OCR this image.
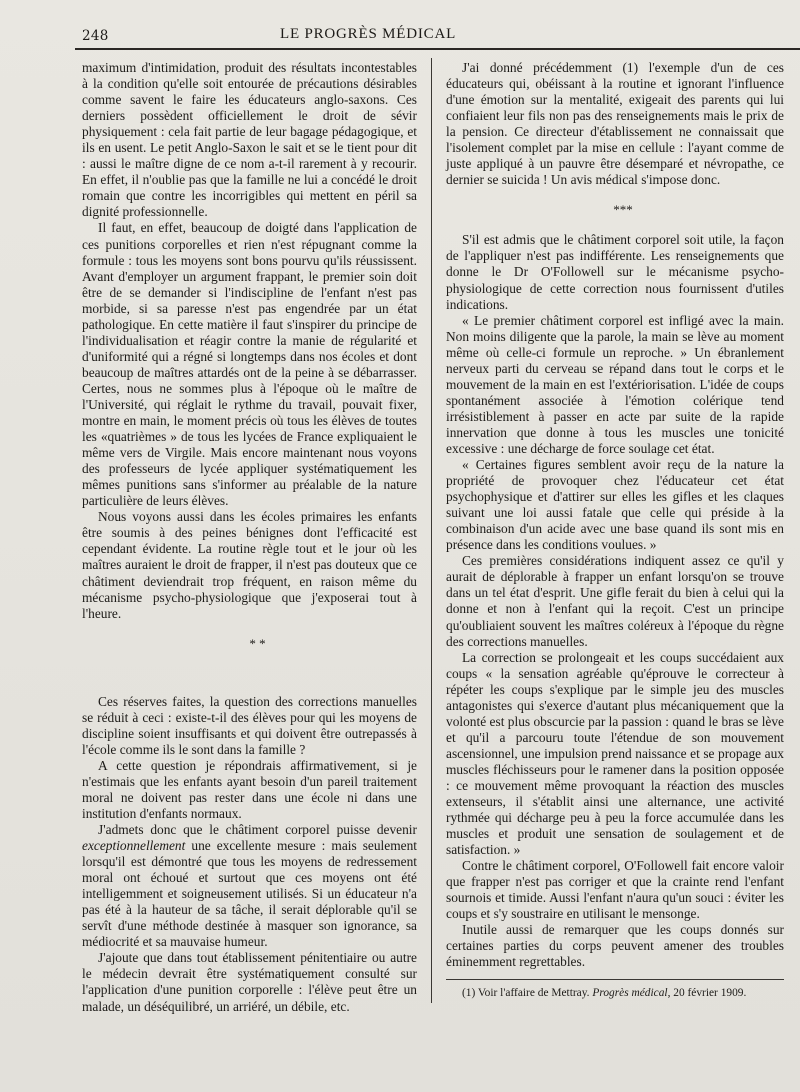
248	LE PROGRÈS MÉDICAL

maximum d'intimidation, produit des résultats incontestables à la condition qu'elle soit entourée de précautions désirables comme savent le faire les éducateurs anglo-saxons. Ces derniers possèdent officiellement le droit de sévir physiquement : cela fait partie de leur bagage pédagogique, et ils en usent. Le petit Anglo-Saxon le sait et se le tient pour dit : aussi le maître digne de ce nom a-t-il rarement à y recourir. En effet, il n'oublie pas que la famille ne lui a concédé le droit romain que contre les incorrigibles qui mettent en péril sa dignité professionnelle.

Il faut, en effet, beaucoup de doigté dans l'application de ces punitions corporelles et rien n'est répugnant comme la formule : tous les moyens sont bons pourvu qu'ils réussissent. Avant d'employer un argument frappant, le premier soin doit être de se demander si l'indiscipline de l'enfant n'est pas morbide, si sa paresse n'est pas engendrée par un état pathologique. En cette matière il faut s'inspirer du principe de l'individualisation et réagir contre la manie de régularité et d'uniformité qui a régné si longtemps dans nos écoles et dont beaucoup de maîtres attardés ont de la peine à se débarrasser. Certes, nous ne sommes plus à l'époque où le maître de l'Université, qui réglait le rythme du travail, pouvait fixer, montre en main, le moment précis où tous les élèves de toutes les «quatrièmes » de tous les lycées de France expliquaient le même vers de Virgile. Mais encore maintenant nous voyons des professeurs de lycée appliquer systématiquement les mêmes punitions sans s'informer au préalable de la nature particulière de leurs élèves.

Nous voyons aussi dans les écoles primaires les enfants être soumis à des peines bénignes dont l'efficacité est cependant évidente. La routine règle tout et le jour où les maîtres auraient le droit de frapper, il n'est pas douteux que ce châtiment deviendrait trop fréquent, en raison même du mécanisme psycho-physiologique que j'exposerai tout à l'heure.

* *

Ces réserves faites, la question des corrections manuelles se réduit à ceci : existe-t-il des élèves pour qui les moyens de discipline soient insuffisants et qui doivent être outrepassés à l'école comme ils le sont dans la famille ?

A cette question je répondrais affirmativement, si je n'estimais que les enfants ayant besoin d'un pareil traitement moral ne doivent pas rester dans une école ni dans une institution d'enfants normaux.

J'admets donc que le châtiment corporel puisse devenir exceptionnellement une excellente mesure : mais seulement lorsqu'il est démontré que tous les moyens de redressement moral ont échoué et surtout que ces moyens ont été intelligemment et soigneusement utilisés. Si un éducateur n'a pas été à la hauteur de sa tâche, il serait déplorable qu'il se servît d'une méthode destinée à masquer son ignorance, sa médiocrité et sa mauvaise humeur.

J'ajoute que dans tout établissement pénitentiaire ou autre le médecin devrait être systématiquement consulté sur l'application d'une punition corporelle : l'élève peut être un malade, un déséquilibré, un arriéré, un débile, etc.

J'ai donné précédemment (1) l'exemple d'un de ces éducateurs qui, obéissant à la routine et ignorant l'influence d'une émotion sur la mentalité, exigeait des parents qui lui confiaient leur fils non pas des renseignements mais le prix de la pension. Ce directeur d'établissement ne connaissait que l'isolement complet par la mise en cellule : l'ayant comme de juste appliqué à un pauvre être désemparé et névropathe, ce dernier se suicida ! Un avis médical s'impose donc.

***

S'il est admis que le châtiment corporel soit utile, la façon de l'appliquer n'est pas indifférente. Les renseignements que donne le Dr O'Followell sur le mécanisme psycho-physiologique de cette correction nous fournissent d'utiles indications.

« Le premier châtiment corporel est infligé avec la main. Non moins diligente que la parole, la main se lève au moment même où celle-ci formule un reproche. » Un ébranlement nerveux parti du cerveau se répand dans tout le corps et le mouvement de la main en est l'extériorisation. L'idée de coups spontanément associée à l'émotion colérique tend irrésistiblement à passer en acte par suite de la rapide innervation que donne à tous les muscles une tonicité excessive : une décharge de force soulage cet état.

« Certaines figures semblent avoir reçu de la nature la propriété de provoquer chez l'éducateur cet état psychophysique et d'attirer sur elles les gifles et les claques suivant une loi aussi fatale que celle qui préside à la combinaison d'un acide avec une base quand ils sont mis en présence dans les conditions voulues. »

Ces premières considérations indiquent assez ce qu'il y aurait de déplorable à frapper un enfant lorsqu'on se trouve dans un tel état d'esprit. Une gifle ferait du bien à celui qui la donne et non à l'enfant qui la reçoit. C'est un principe qu'oubliaient souvent les maîtres coléreux à l'époque du règne des corrections manuelles.

La correction se prolongeait et les coups succédaient aux coups « la sensation agréable qu'éprouve le correcteur à répéter les coups s'explique par le simple jeu des muscles antagonistes qui s'exerce d'autant plus mécaniquement que la volonté est plus obscurcie par la passion : quand le bras se lève et qu'il a parcouru toute l'étendue de son mouvement ascensionnel, une impulsion prend naissance et se propage aux muscles fléchisseurs pour le ramener dans la position opposée : ce mouvement même provoquant la réaction des muscles extenseurs, il s'établit ainsi une alternance, une activité rythmée qui décharge peu à peu la force accumulée dans les muscles et produit une sensation de soulagement et de satisfaction. »

Contre le châtiment corporel, O'Followell fait encore valoir que frapper n'est pas corriger et que la crainte rend l'enfant sournois et timide. Aussi l'enfant n'aura qu'un souci : éviter les coups et s'y soustraire en utilisant le mensonge.

Inutile aussi de remarquer que les coups donnés sur certaines parties du corps peuvent amener des troubles éminemment regrettables.

(1) Voir l'affaire de Mettray. Progrès médical, 20 février 1909.
